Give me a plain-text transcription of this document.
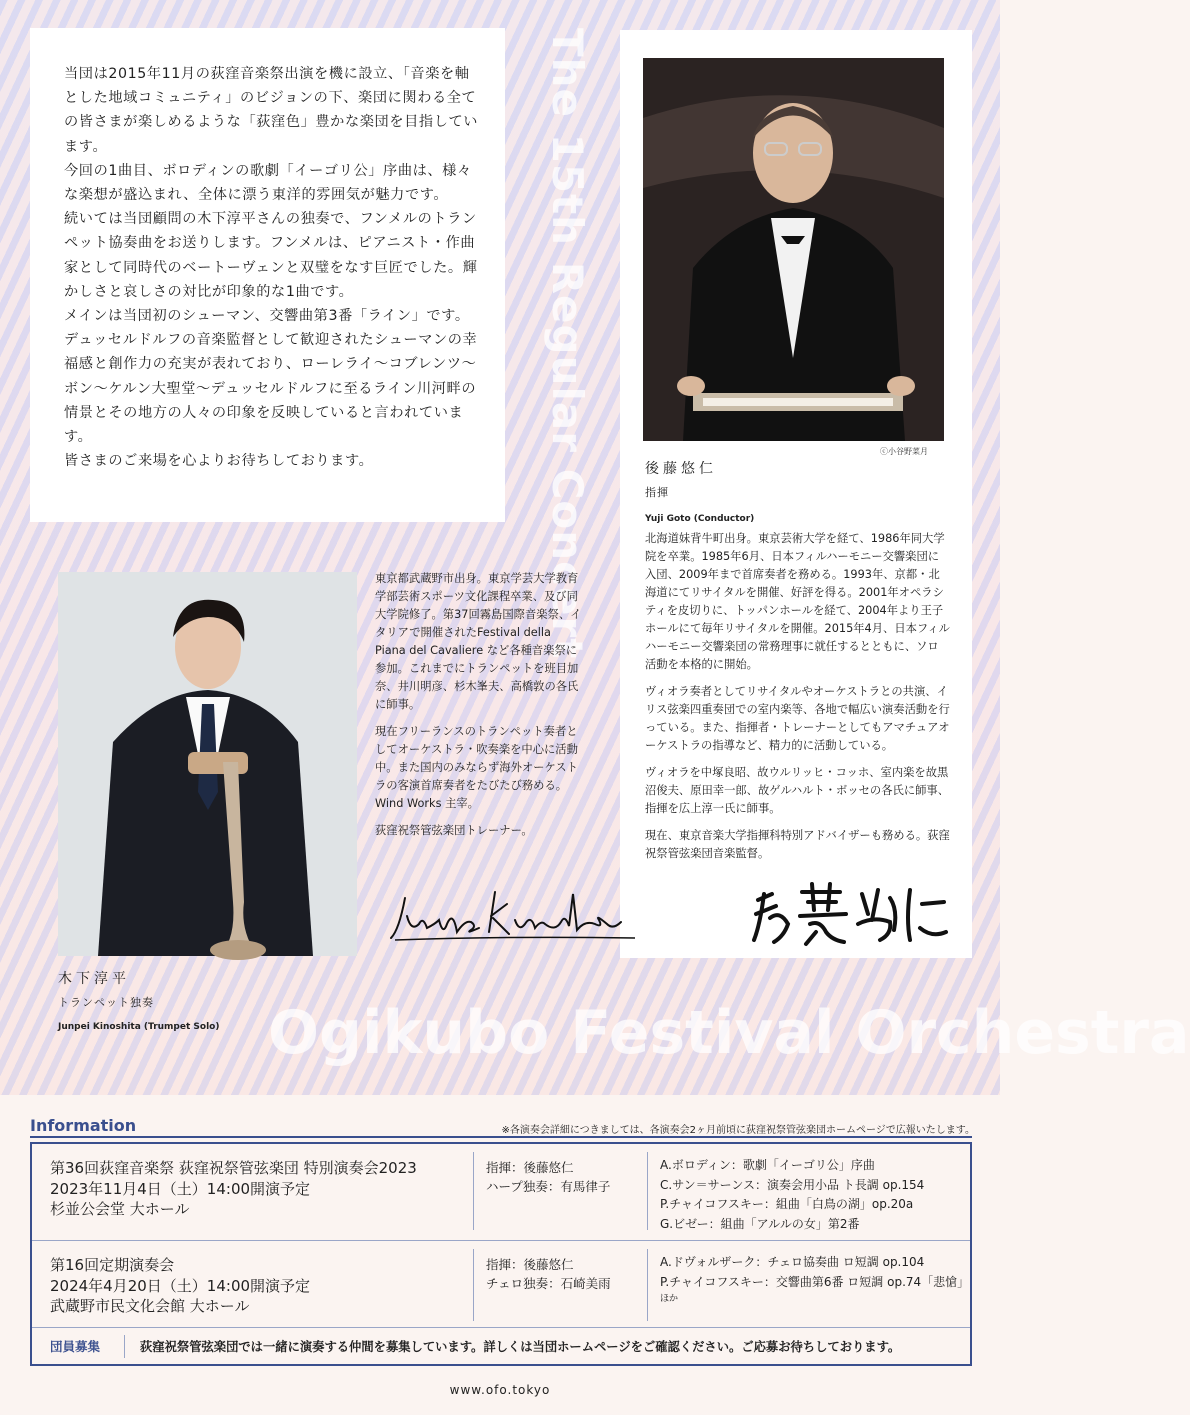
The 15th Regular Concert
Ogikubo Festival Orchestra

当団は2015年11月の荻窪音楽祭出演を機に設立、「音楽を軸とした地域コミュニティ」のビジョンの下、楽団に関わる全ての皆さまが楽しめるような「荻窪色」豊かな楽団を目指しています。

今回の1曲目、ボロディンの歌劇「イーゴリ公」序曲は、様々な楽想が盛込まれ、全体に漂う東洋的雰囲気が魅力です。

続いては当団顧問の木下淳平さんの独奏で、フンメルのトランペット協奏曲をお送りします。フンメルは、ピアニスト・作曲家として同時代のベートーヴェンと双璧をなす巨匠でした。輝かしさと哀しさの対比が印象的な1曲です。

メインは当団初のシューマン、交響曲第3番「ライン」です。デュッセルドルフの音楽監督として歓迎されたシューマンの幸福感と創作力の充実が表れており、ローレライ～コブレンツ～ボン～ケルン大聖堂～デュッセルドルフに至るライン川河畔の情景とその地方の人々の印象を反映していると言われています。

皆さまのご来場を心よりお待ちしております。

ⓒ小谷野菜月
後藤悠仁
指揮
Yuji Goto (Conductor)

北海道妹背牛町出身。東京芸術大学を経て、1986年同大学院を卒業。1985年6月、日本フィルハーモニー交響楽団に入団、2009年まで首席奏者を務める。1993年、京都・北海道にてリサイタルを開催、好評を得る。2001年オペラシティを皮切りに、トッパンホールを経て、2004年より王子ホールにて毎年リサイタルを開催。2015年4月、日本フィルハーモニー交響楽団の常務理事に就任するとともに、ソロ活動を本格的に開始。

ヴィオラ奏者としてリサイタルやオーケストラとの共演、イリス弦楽四重奏団での室内楽等、各地で幅広い演奏活動を行っている。また、指揮者・トレーナーとしてもアマチュアオーケストラの指導など、精力的に活動している。

ヴィオラを中塚良昭、故ウルリッヒ・コッホ、室内楽を故黒沼俊夫、原田幸一郎、故ゲルハルト・ボッセの各氏に師事、指揮を広上淳一氏に師事。

現在、東京音楽大学指揮科特別アドバイザーも務める。荻窪祝祭管弦楽団音楽監督。

東京都武蔵野市出身。東京学芸大学教育学部芸術スポーツ文化課程卒業、及び同大学院修了。第37回霧島国際音楽祭、イタリアで開催されたFestival della Piana del Cavaliere など各種音楽祭に参加。これまでにトランペットを班目加奈、井川明彦、杉木峯夫、高橋敦の各氏に師事。

現在フリーランスのトランペット奏者としてオーケストラ・吹奏楽を中心に活動中。また国内のみならず海外オーケストラの客演首席奏者をたびたび務める。Wind Works 主宰。

荻窪祝祭管弦楽団トレーナー。

木下淳平
トランペット独奏
Junpei Kinoshita (Trumpet Solo)
Information	※各演奏会詳細につきましては、各演奏会2ヶ月前頃に荻窪祝祭管弦楽団ホームページで広報いたします。
第36回荻窪音楽祭 荻窪祝祭管弦楽団 特別演奏会2023
2023年11月4日（土）14:00開演予定
杉並公会堂 大ホール
指揮：後藤悠仁
ハープ独奏：有馬律子
A.ボロディン：歌劇「イーゴリ公」序曲
C.サン＝サーンス：演奏会用小品 ト長調 op.154
P.チャイコフスキー：組曲「白鳥の湖」op.20a
G.ビゼー：組曲「アルルの女」第2番
第16回定期演奏会
2024年4月20日（土）14:00開演予定
武蔵野市民文化会館 大ホール
指揮：後藤悠仁
チェロ独奏：石崎美雨
A.ドヴォルザーク：チェロ協奏曲 ロ短調 op.104
P.チャイコフスキー：交響曲第6番 ロ短調 op.74「悲愴」
ほか
団員募集	荻窪祝祭管弦楽団では一緒に演奏する仲間を募集しています。詳しくは当団ホームページをご確認ください。ご応募お待ちしております。
www.ofo.tokyo
